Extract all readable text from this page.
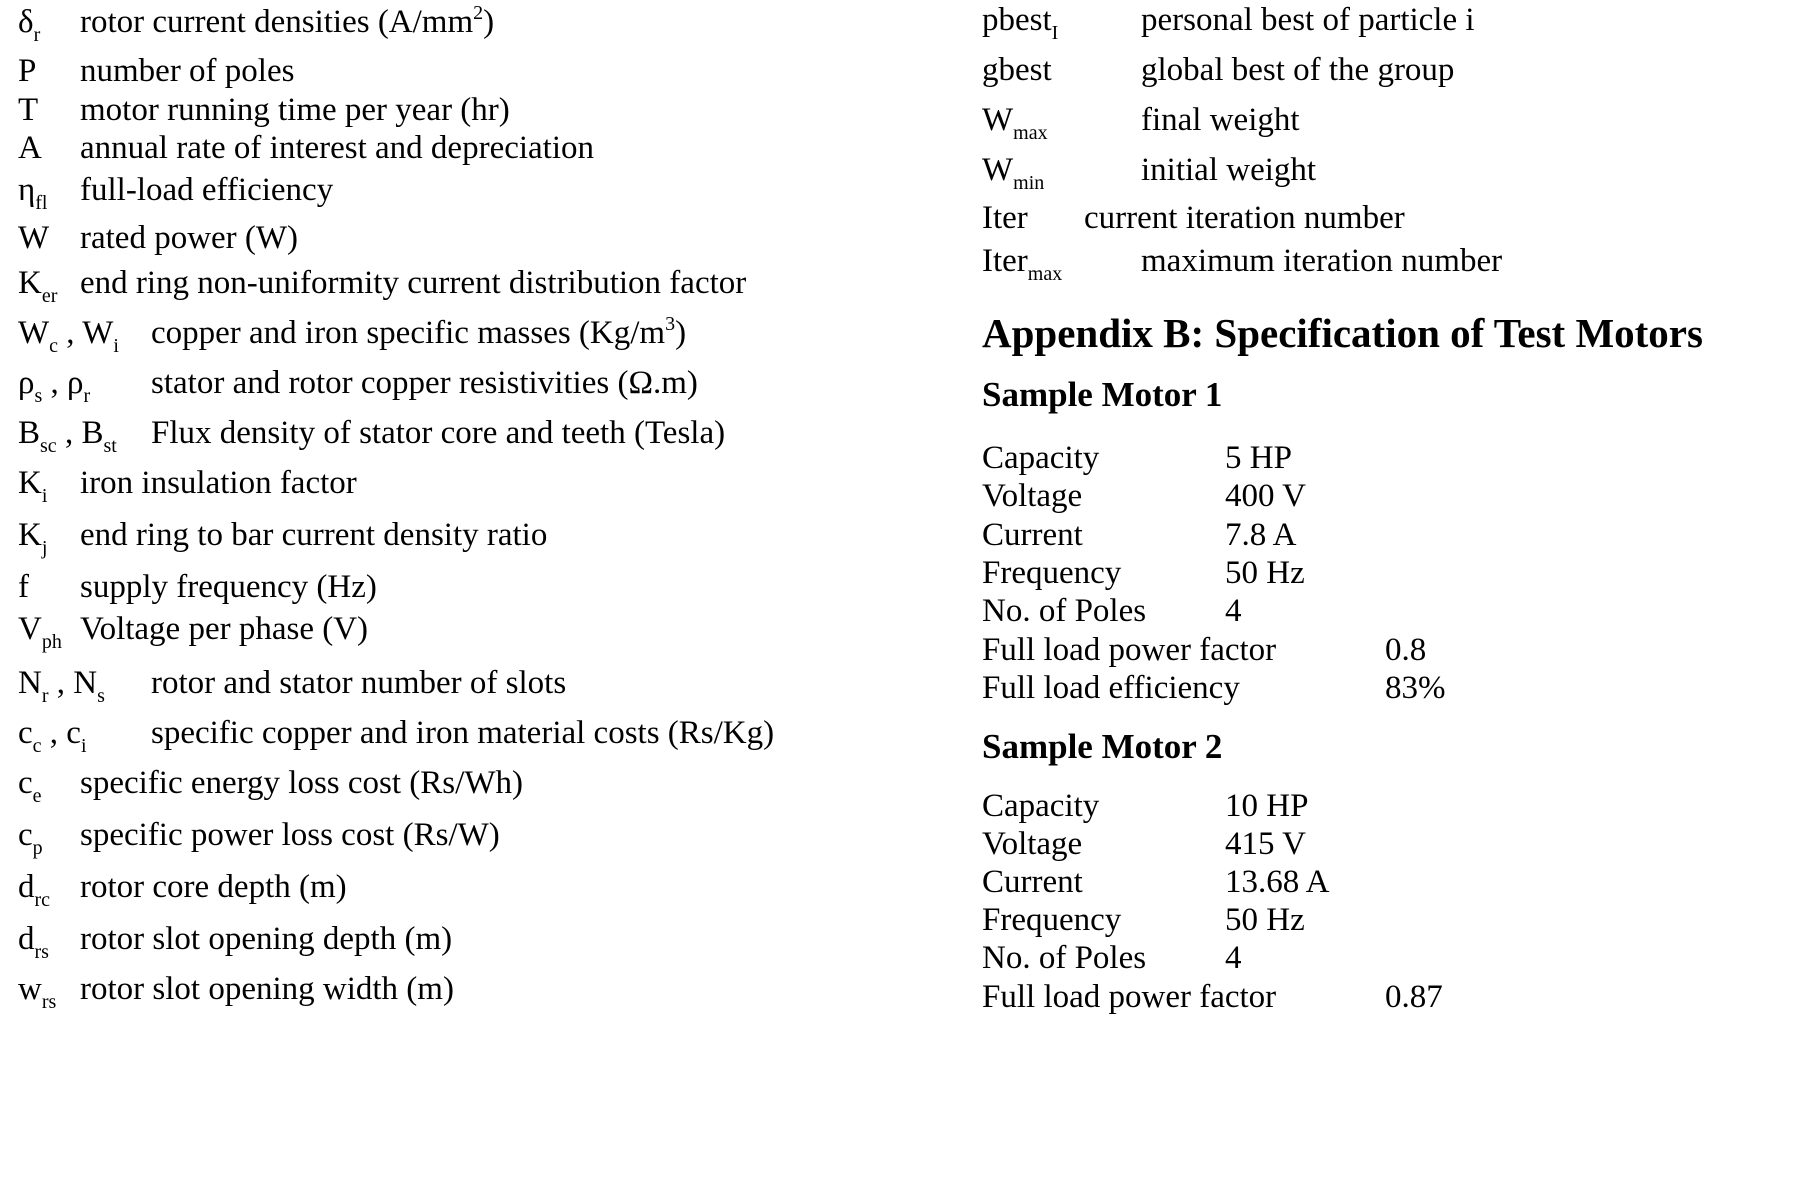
$\delta_r$ rotor current densities $(A/mm^2)$
P number of poles
T motor running time per year (hr)
A annual rate of interest and depreciation
$\eta_{fl}$ full-load efficiency
W rated power (W)
$K_{er}$ end ring non-uniformity current distribution factor
$W_c$ , $W_i$ copper and iron specific masses $(Kg/m^3)$
$\rho_s$ , $\rho_r$ stator and rotor copper resistivities (Ω.m)
$B_{sc}$ , $B_{st}$ Flux density of stator core and teeth (Tesla)
$K_i$ iron insulation factor
$K_j$ end ring to bar current density ratio
f supply frequency (Hz)
$V_{ph}$ Voltage per phase (V)
$N_r$ , $N_s$ rotor and stator number of slots
$c_c$ , $c_i$ specific copper and iron material costs (Rs/Kg)
$c_e$ specific energy loss cost (Rs/Wh)
$c_p$ specific power loss cost (Rs/W)
$d_{rc}$ rotor core depth (m)
$d_{rs}$ rotor slot opening depth (m)
$w_{rs}$ rotor slot opening width (m)
pbest$_I$	personal best of particle i
gbest	global best of the group
$W_{max}$	final weight
$W_{min}$	initial weight
Iter current iteration number
Iter$_{max}$ maximum iteration number
Appendix B: Specification of Test Motors
Sample Motor 1
Capacity	5 HP
Voltage	400 V
Current	7.8 A
Frequency	50 Hz
No. of Poles 4
Full load power factor	0.8
Full load efficiency	83%
Sample Motor 2
Capacity	10 HP
Voltage	415 V
Current	13.68 A
Frequency	50 Hz
No. of Poles 4
Full load power factor	0.87
